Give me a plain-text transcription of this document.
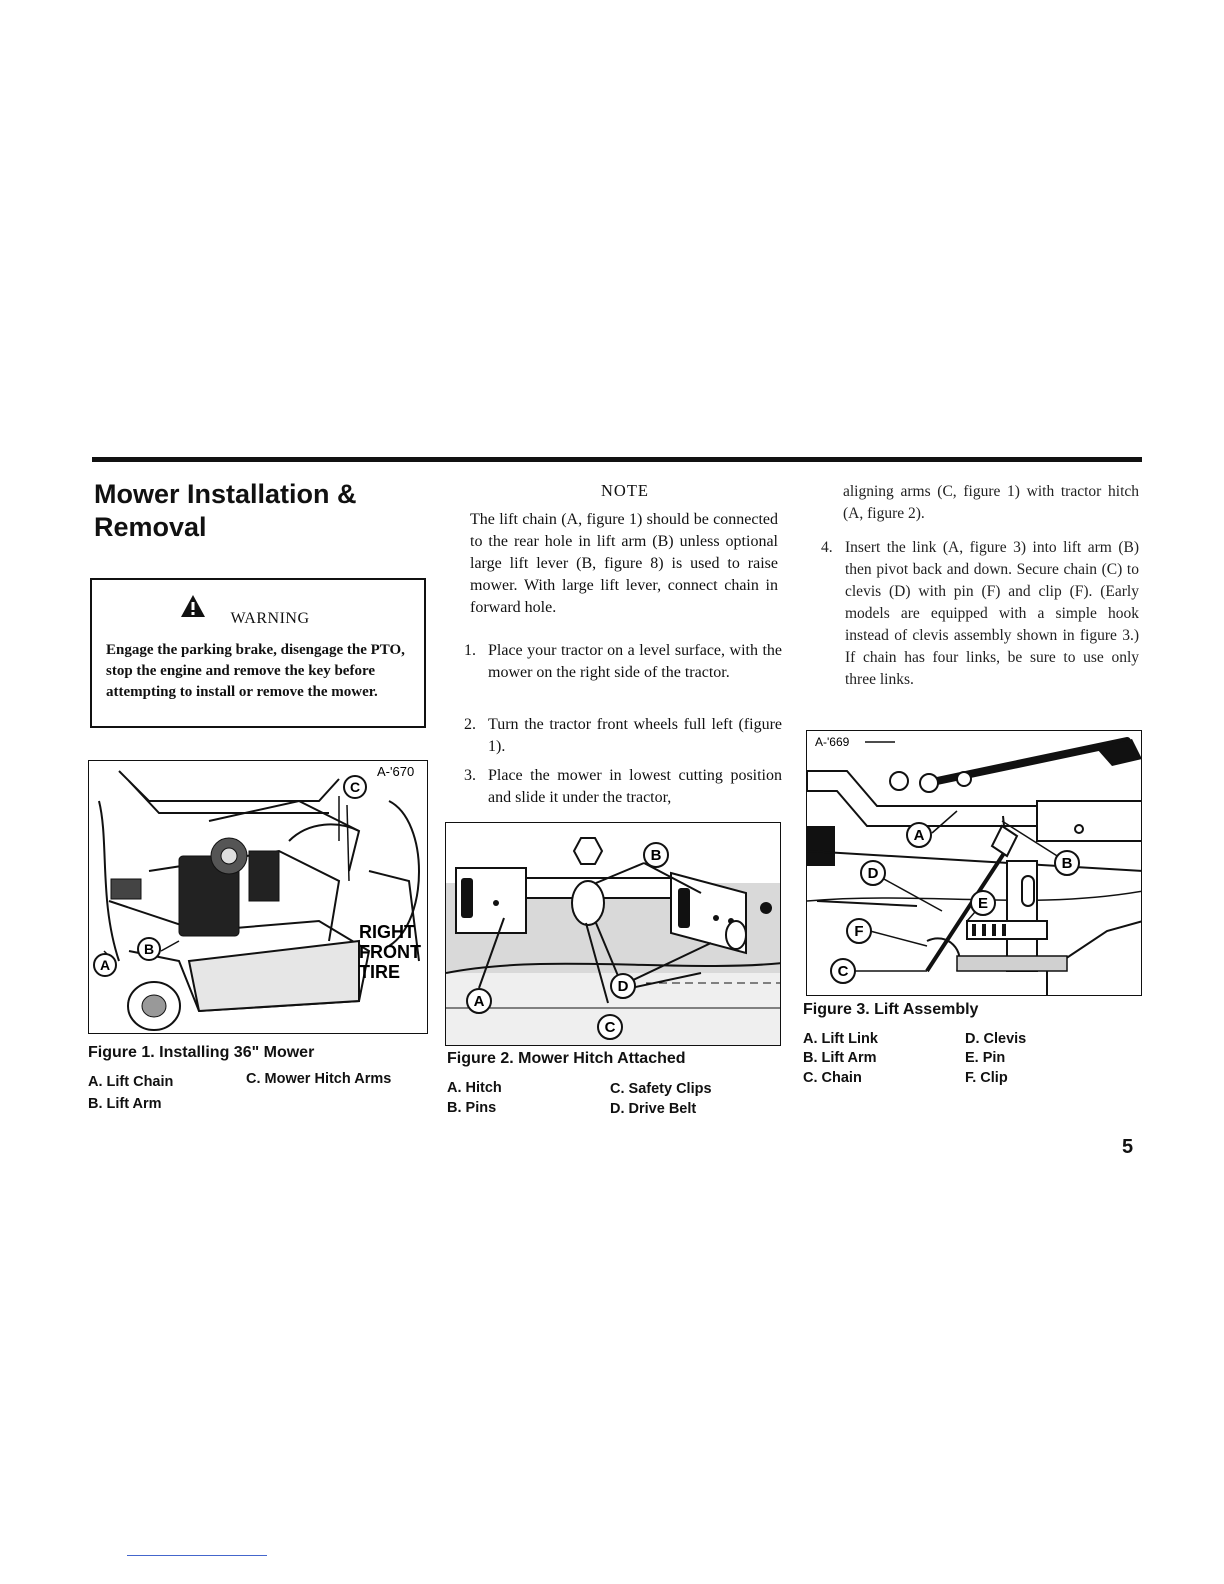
Mower Installation &
Removal
WARNING
Engage the parking brake, disengage the PTO, stop the engine and remove the key before attempting to install or remove the mower.
C
B
A
A-'670
RIGHT
FRONT
TIRE
Figure 1. Installing 36" Mower
A. Lift Chain
B. Lift Arm
C. Mower Hitch Arms
NOTE
The lift chain (A, figure 1) should be connected to the rear hole in lift arm (B) unless optional large lift lever (B, figure 8) is used to raise mower. With large lift lever, connect chain in forward hole.
1. Place your tractor on a level surface, with the mower on the right side of the tractor.
2. Turn the tractor front wheels full left (figure 1).
3. Place the mower in lowest cutting position and slide it under the tractor,
B
D
A
C
Figure 2. Mower Hitch Attached
A. Hitch
B. Pins
C. Safety Clips
D. Drive Belt
aligning arms (C, figure 1) with tractor hitch (A, figure 2).
4. Insert the link (A, figure 3) into lift arm (B) then pivot back and down. Secure chain (C) to clevis (D) with pin (F) and clip (F). (Early models are equipped with a simple hook instead of clevis assembly shown in figure 3.) If chain has four links, be sure to use only three links.
A
B
D
E
F
C
A-'669
Figure 3. Lift Assembly
A. Lift Link
B. Lift Arm
C. Chain
D. Clevis
E. Pin
F. Clip
5
